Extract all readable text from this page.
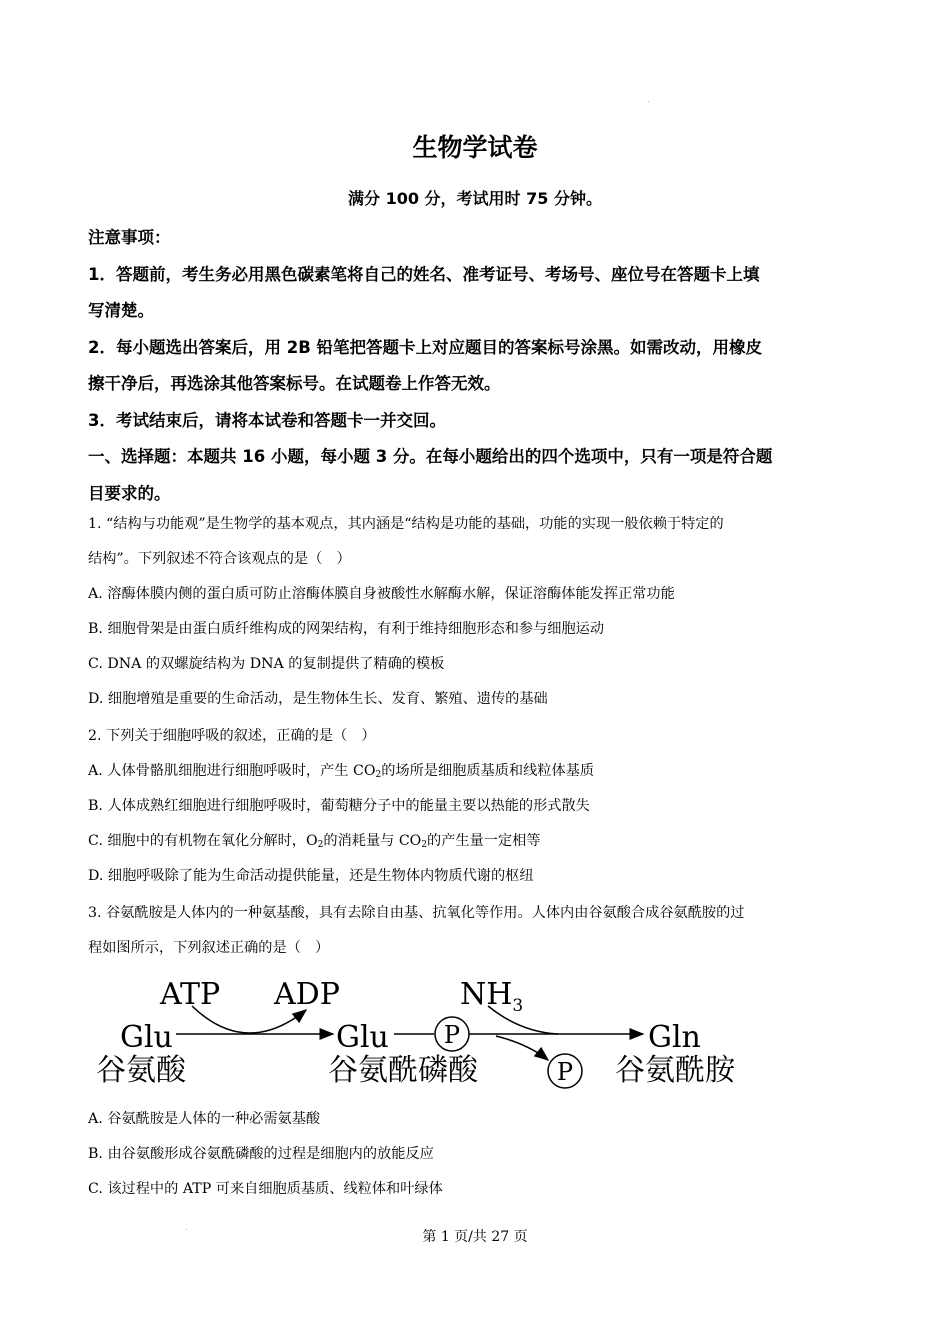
生物学试卷
满分 100 分，考试用时 75 分钟。

注意事项：

1．答题前，考生务必用黑色碳素笔将自己的姓名、准考证号、考场号、座位号在答题卡上填

写清楚。

2．每小题选出答案后，用 2B 铅笔把答题卡上对应题目的答案标号涂黑。如需改动，用橡皮

擦干净后，再选涂其他答案标号。在试题卷上作答无效。

3．考试结束后，请将本试卷和答题卡一并交回。

一、选择题：本题共 16 小题，每小题 3 分。在每小题给出的四个选项中，只有一项是符合题

目要求的。

1. “结构与功能观”是生物学的基本观点，其内涵是“结构是功能的基础，功能的实现一般依赖于特定的
结构”。下列叙述不符合该观点的是（　）
A. 溶酶体膜内侧的蛋白质可防止溶酶体膜自身被酸性水解酶水解，保证溶酶体能发挥正常功能
B. 细胞骨架是由蛋白质纤维构成的网架结构，有利于维持细胞形态和参与细胞运动
C. DNA 的双螺旋结构为 DNA 的复制提供了精确的模板
D. 细胞增殖是重要的生命活动，是生物体生长、发育、繁殖、遗传的基础
2. 下列关于细胞呼吸的叙述，正确的是（　）
A. 人体骨骼肌细胞进行细胞呼吸时，产生 $CO_2$的场所是细胞质基质和线粒体基质
B. 人体成熟红细胞进行细胞呼吸时，葡萄糖分子中的能量主要以热能的形式散失
C. 细胞中的有机物在氧化分解时，$O_2$的消耗量与 $CO_2$的产生量一定相等
D. 细胞呼吸除了能为生命活动提供能量，还是生物体内物质代谢的枢纽
3. 谷氨酰胺是人体内的一种氨基酸，具有去除自由基、抗氧化等作用。人体内由谷氨酸合成谷氨酰胺的过
程如图所示，下列叙述正确的是（　）
ATP ADP	$NH_3$
Glu	Glu	Gln
谷氨酸	谷氨酰磷酸	谷氨酰胺
P
P
A. 谷氨酰胺是人体的一种必需氨基酸
B. 由谷氨酸形成谷氨酰磷酸的过程是细胞内的放能反应
C. 该过程中的 ATP 可来自细胞质基质、线粒体和叶绿体
第 1 页/共 27 页
